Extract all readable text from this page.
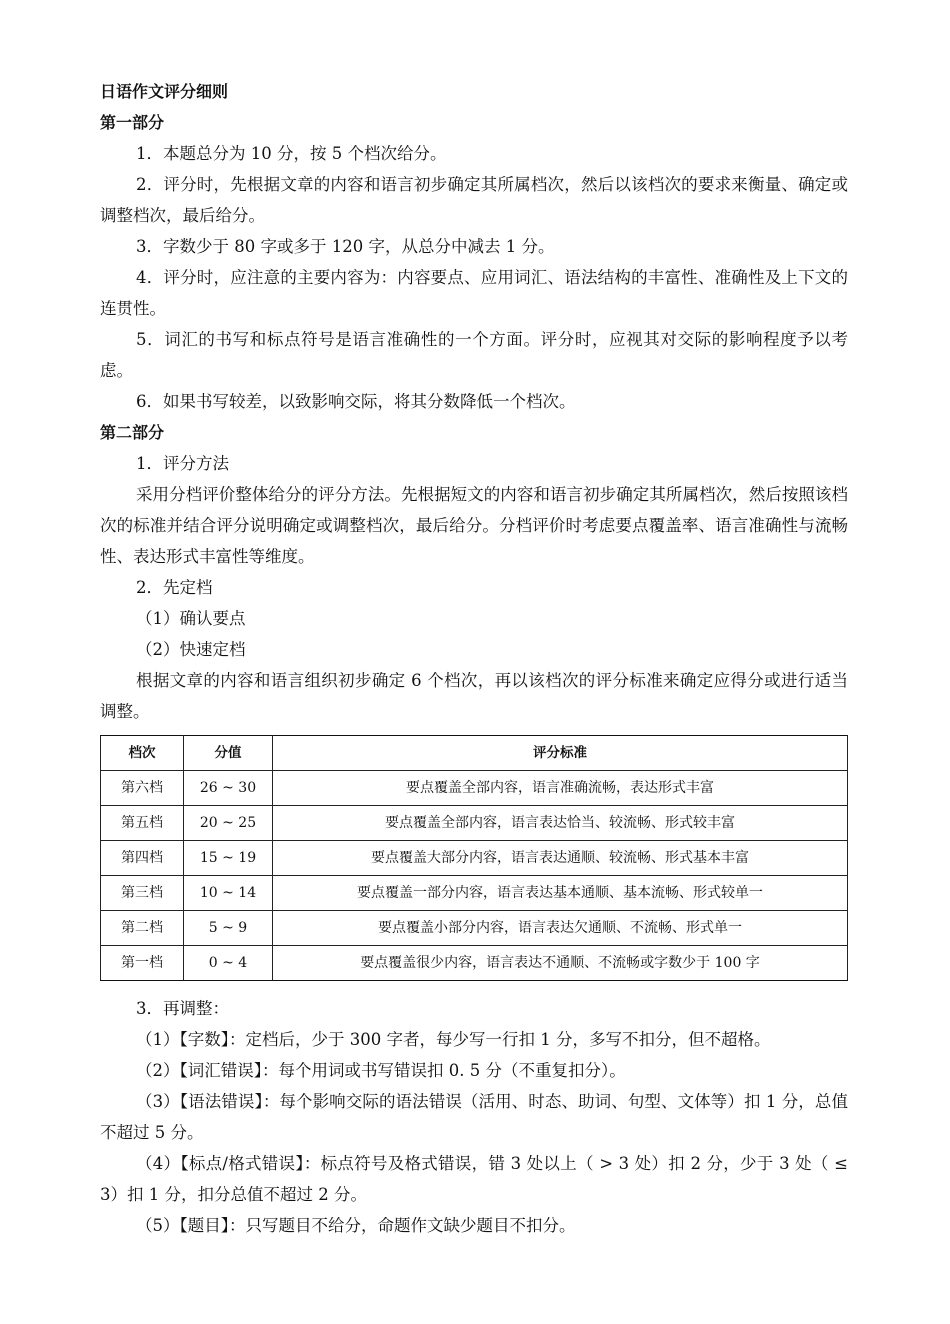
日语作文评分细则
第一部分
1．本题总分为 10 分，按 5 个档次给分。
2．评分时，先根据文章的内容和语言初步确定其所属档次，然后以该档次的要求来衡量、确定或调整档次，最后给分。
3．字数少于 80 字或多于 120 字，从总分中减去 1 分。
4．评分时，应注意的主要内容为：内容要点、应用词汇、语法结构的丰富性、准确性及上下文的连贯性。
5．词汇的书写和标点符号是语言准确性的一个方面。评分时，应视其对交际的影响程度予以考虑。
6．如果书写较差，以致影响交际，将其分数降低一个档次。
第二部分
1．评分方法
采用分档评价整体给分的评分方法。先根据短文的内容和语言初步确定其所属档次，然后按照该档次的标准并结合评分说明确定或调整档次，最后给分。分档评价时考虑要点覆盖率、语言准确性与流畅性、表达形式丰富性等维度。
2．先定档
（1）确认要点
（2）快速定档
根据文章的内容和语言组织初步确定 6 个档次，再以该档次的评分标准来确定应得分或进行适当调整。
档次	分值	评分标准
第六档	26 ~ 30	要点覆盖全部内容，语言准确流畅，表达形式丰富
第五档	20 ~ 25	要点覆盖全部内容，语言表达恰当、较流畅、形式较丰富
第四档	15 ~ 19	要点覆盖大部分内容，语言表达通顺、较流畅、形式基本丰富
第三档	10 ~ 14	要点覆盖一部分内容，语言表达基本通顺、基本流畅、形式较单一
第二档	5 ~ 9	要点覆盖小部分内容，语言表达欠通顺、不流畅、形式单一
第一档	0 ~ 4	要点覆盖很少内容，语言表达不通顺、不流畅或字数少于 100 字
3．再调整：
（1）【字数】：定档后，少于 300 字者，每少写一行扣 1 分，多写不扣分，但不超格。
（2）【词汇错误】：每个用词或书写错误扣 0. 5 分（不重复扣分）。
（3）【语法错误】：每个影响交际的语法错误（活用、时态、助词、句型、文体等）扣 1 分，总值不超过 5 分。
（4）【标点/格式错误】：标点符号及格式错误，错 3 处以上（ > 3 处）扣 2 分，少于 3 处（ ≤ 3）扣 1 分，扣分总值不超过 2 分。
（5）【题目】：只写题目不给分，命题作文缺少题目不扣分。
